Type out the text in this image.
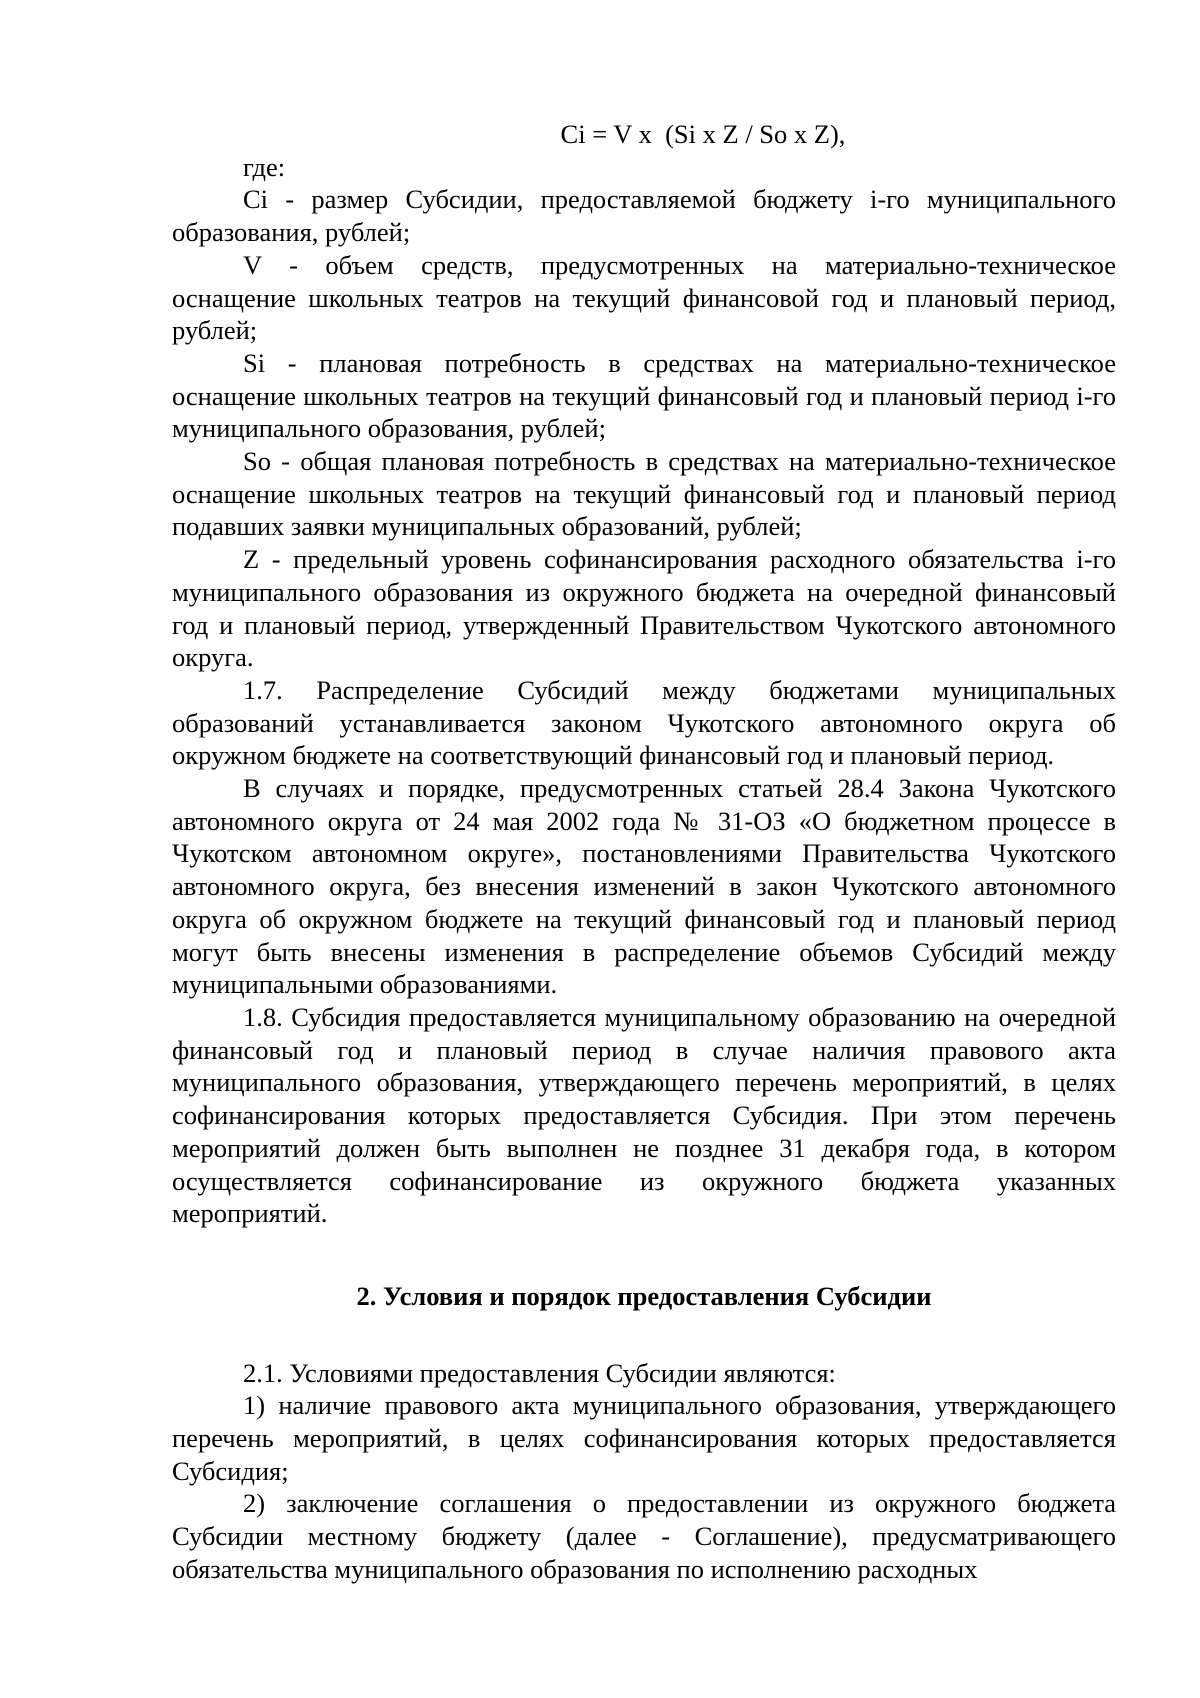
Ci = V x  (Si x Z / So x Z),

где:

Ci - размер Субсидии, предоставляемой бюджету i-го муниципального образования, рублей;

V - объем средств, предусмотренных на материально-техническое оснащение школьных театров на текущий финансовой год и плановый период, рублей;

Si - плановая потребность в средствах на материально-техническое оснащение школьных театров на текущий финансовый год и плановый период i-го муниципального образования, рублей;

So - общая плановая потребность в средствах на материально-техническое оснащение школьных театров на текущий финансовый год и плановый период подавших заявки муниципальных образований, рублей;

Z - предельный уровень софинансирования расходного обязательства i-го муниципального образования из окружного бюджета на очередной финансовый год и плановый период, утвержденный Правительством Чукотского автономного округа.

1.7. Распределение Субсидий между бюджетами муниципальных образований устанавливается законом Чукотского автономного округа об окружном бюджете на соответствующий финансовый год и плановый период.

В случаях и порядке, предусмотренных статьей 28.4 Закона Чукотского автономного округа от 24 мая 2002 года № 31-ОЗ «О бюджетном процессе в Чукотском автономном округе», постановлениями Правительства Чукотского автономного округа, без внесения изменений в закон Чукотского автономного округа об окружном бюджете на текущий финансовый год и плановый период могут быть внесены изменения в распределение объемов Субсидий между муниципальными образованиями.

1.8. Субсидия предоставляется муниципальному образованию на очередной финансовый год и плановый период в случае наличия правового акта муниципального образования, утверждающего перечень мероприятий, в целях софинансирования которых предоставляется Субсидия. При этом перечень мероприятий должен быть выполнен не позднее 31 декабря года, в котором осуществляется софинансирование из окружного бюджета указанных мероприятий.

2. Условия и порядок предоставления Субсидии

2.1. Условиями предоставления Субсидии являются:

1) наличие правового акта муниципального образования, утверждающего перечень мероприятий, в целях софинансирования которых предоставляется Субсидия;

2) заключение соглашения о предоставлении из окружного бюджета Субсидии местному бюджету (далее - Соглашение), предусматривающего обязательства муниципального образования по исполнению расходных
